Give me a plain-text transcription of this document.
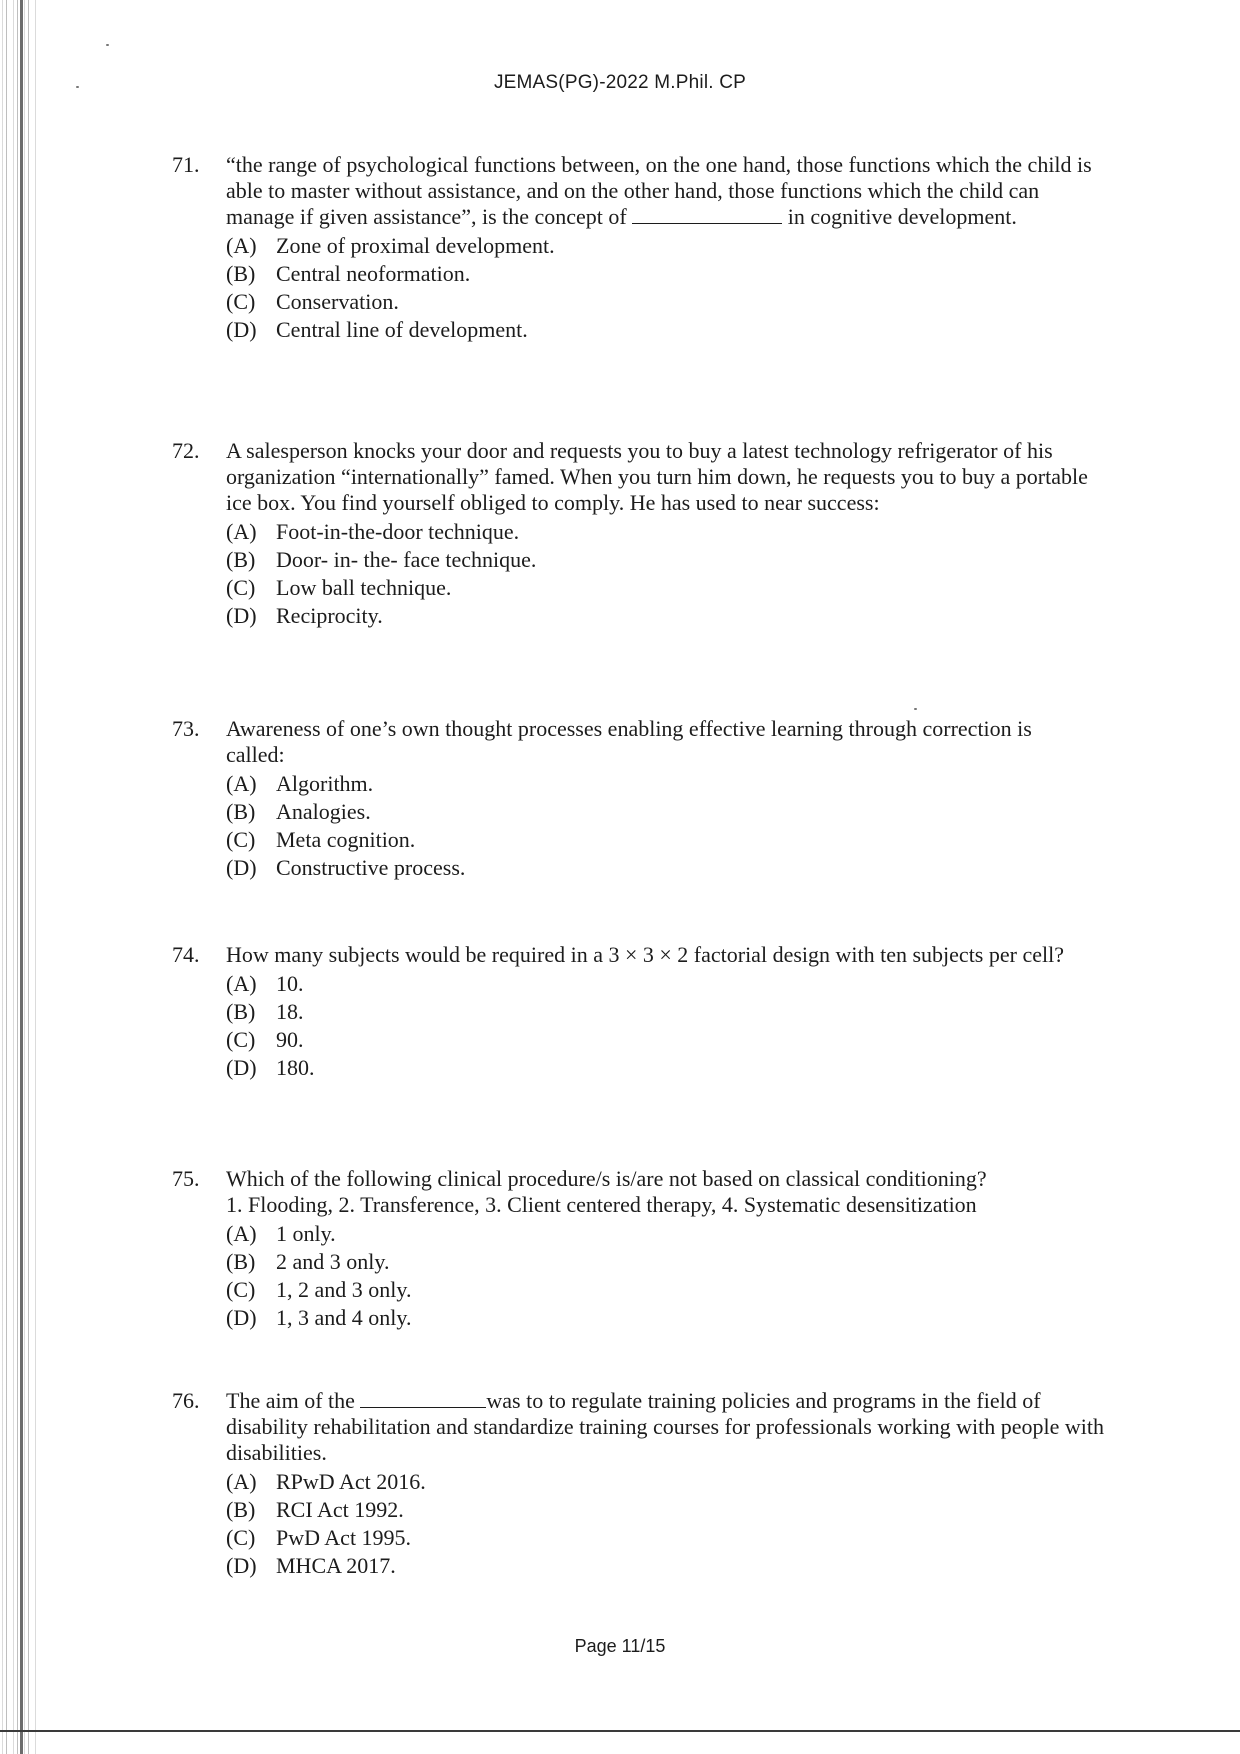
JEMAS(PG)-2022 M.Phil. CP
71.	“the range of psychological functions between, on the one hand, those functions which the child is able to master without assistance, and on the other hand, those functions which the child can manage if given assistance”, is the concept of	in cognitive development.
(A) Zone of proximal development.
(B) Central neoformation.
(C) Conservation.
(D) Central line of development.
72.	A salesperson knocks your door and requests you to buy a latest technology refrigerator of his organization “internationally” famed. When you turn him down, he requests you to buy a portable ice box. You find yourself obliged to comply. He has used to near success:
(A) Foot-in-the-door technique.
(B) Door- in- the- face technique.
(C) Low ball technique.
(D) Reciprocity.
73.	Awareness of one’s own thought processes enabling effective learning through correction is called:
(A) Algorithm.
(B) Analogies.
(C) Meta cognition.
(D) Constructive process.
74.	How many subjects would be required in a 3 × 3 × 2 factorial design with ten subjects per cell?
(A) 10.
(B) 18.
(C) 90.
(D) 180.
75.	Which of the following clinical procedure/s is/are not based on classical conditioning?
1. Flooding, 2. Transference, 3. Client centered therapy, 4. Systematic desensitization
(A) 1 only.
(B) 2 and 3 only.
(C) 1, 2 and 3 only.
(D) 1, 3 and 4 only.
76.	The aim of the	was to to regulate training policies and programs in the field of disability rehabilitation and standardize training courses for professionals working with people with disabilities.
(A) RPwD Act 2016.
(B) RCI Act 1992.
(C) PwD Act 1995.
(D) MHCA 2017.
Page 11/15
